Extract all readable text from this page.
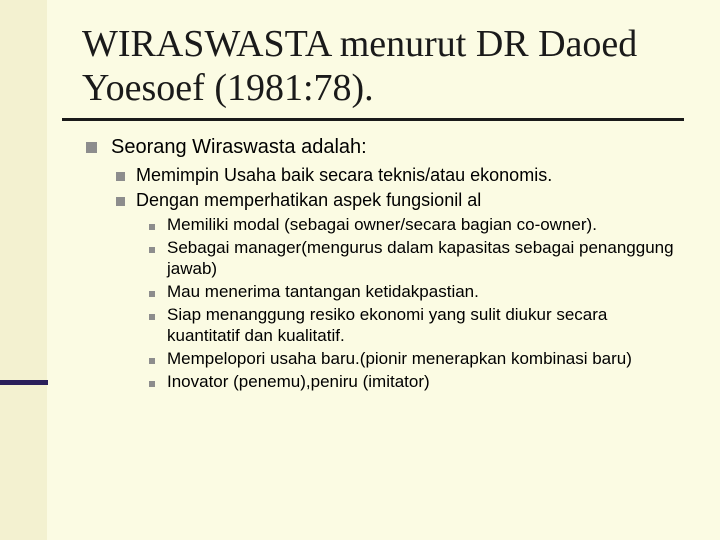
WIRASWASTA menurut DR Daoed Yoesoef (1981:78).
Seorang Wiraswasta adalah:
Memimpin Usaha baik secara teknis/atau ekonomis.
Dengan memperhatikan aspek fungsionil al
Memiliki modal (sebagai owner/secara bagian co-owner).
Sebagai manager(mengurus dalam kapasitas sebagai penanggung jawab)
Mau menerima tantangan ketidakpastian.
Siap menanggung resiko ekonomi yang sulit diukur secara kuantitatif dan kualitatif.
Mempelopori usaha baru.(pionir menerapkan kombinasi baru)
Inovator (penemu),peniru (imitator)
